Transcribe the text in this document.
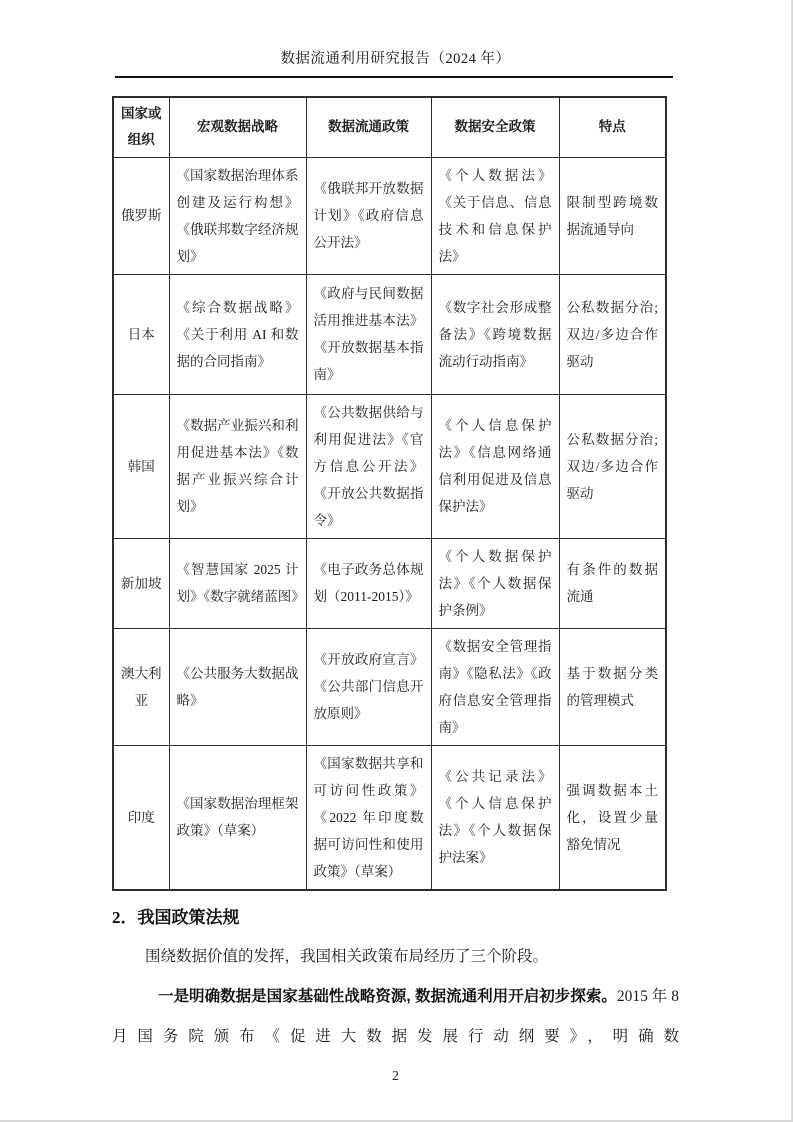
数据流通利用研究报告（2024 年）
国家或组织	宏观数据战略	数据流通政策	数据安全政策	特点
俄罗斯	《国家数据治理体系创建及运行构想》《俄联邦数字经济规划》	《俄联邦开放数据计划》《政府信息公开法》	《个人数据法》《关于信息、信息技术和信息保护法》	限制型跨境数据流通导向
日本	《综合数据战略》《关于利用 AI 和数据的合同指南》	《政府与民间数据活用推进基本法》《开放数据基本指南》	《数字社会形成整备法》《跨境数据流动行动指南》	公私数据分治;双边/多边合作驱动
韩国	《数据产业振兴和利用促进基本法》《数据产业振兴综合计划》	《公共数据供给与利用促进法》《官方信息公开法》《开放公共数据指令》	《个人信息保护法》《信息网络通信利用促进及信息保护法》	公私数据分治;双边/多边合作驱动
新加坡	《智慧国家 2025 计划》《数字就绪蓝图》	《电子政务总体规划（2011-2015）》	《个人数据保护法》《个人数据保护条例》	有条件的数据流通
澳大利亚	《公共服务大数据战略》	《开放政府宣言》《公共部门信息开放原则》	《数据安全管理指南》《隐私法》《政府信息安全管理指南》	基于数据分类的管理模式
印度	《国家数据治理框架政策》（草案）	《国家数据共享和可访问性政策》《2022 年印度数据可访问性和使用政策》（草案）	《公共记录法》《个人信息保护法》《个人数据保护法案》	强调数据本土化，设置少量豁免情况
2．我国政策法规

围绕数据价值的发挥，我国相关政策布局经历了三个阶段。

一是明确数据是国家基础性战略资源, 数据流通利用开启初步探索。2015 年 8 月国务院颁布《促进大数据发展行动纲要》，明确数

2
